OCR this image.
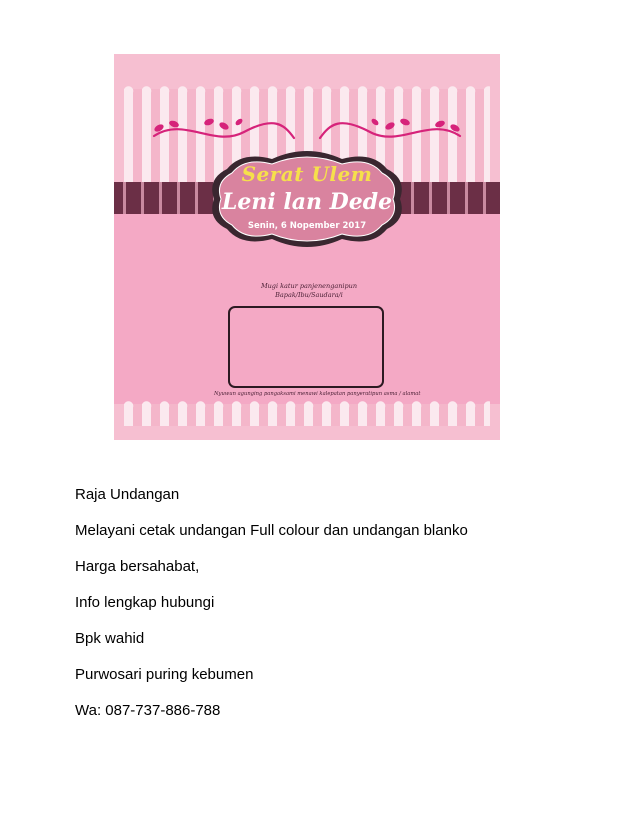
Serat Ulem
Leni lan Dede
Senin, 6 Nopember 2017
Mugi katur panjenenganipun
Bapak/Ibu/Saudara/i
Nyuwun agunging pangaksami menawi kalepatan panyeratipun asma / alamat

Raja Undangan

Melayani cetak undangan Full colour dan undangan blanko

Harga bersahabat,

Info lengkap hubungi

Bpk wahid

Purwosari puring kebumen

Wa: 087-737-886-788
